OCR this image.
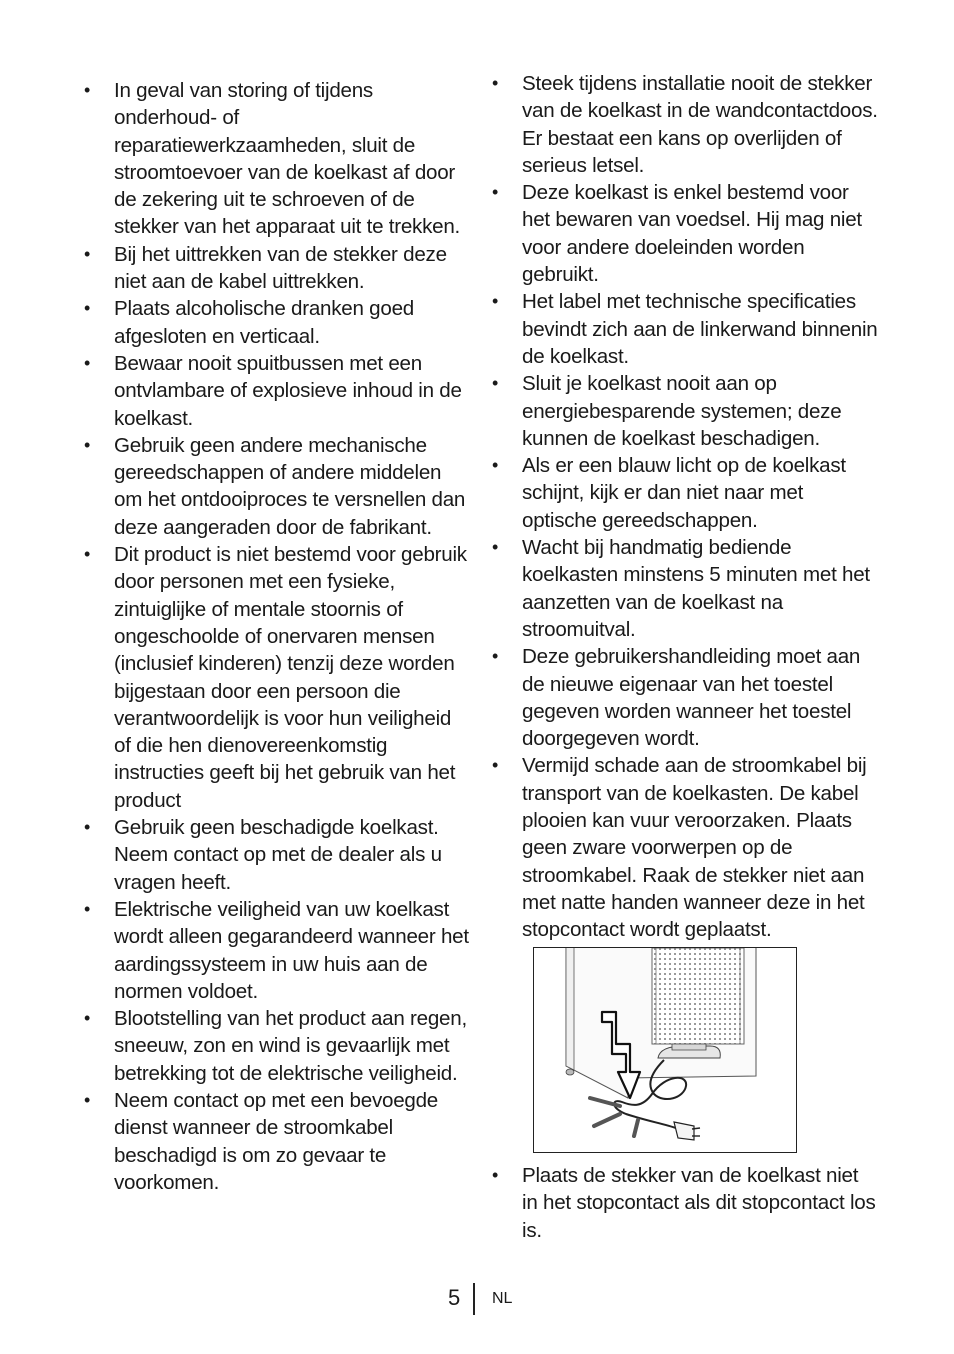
• In geval van storing of tijdens onderhoud- of reparatiewerkzaamheden, sluit de stroomtoevoer van de koelkast af door de zekering uit te schroeven of de stekker van het apparaat uit te trekken.
• Bij het uittrekken van de stekker deze niet aan de kabel uittrekken.
• Plaats alcoholische dranken goed afgesloten en verticaal.
• Bewaar nooit spuitbussen met een ontvlambare of explosieve inhoud in de koelkast.
• Gebruik geen andere mechanische gereedschappen of andere middelen om het ontdooiproces te versnellen dan deze aangeraden door de fabrikant.
• Dit product is niet bestemd voor gebruik door personen met een fysieke, zintuiglijke of mentale stoornis of ongeschoolde of onervaren mensen (inclusief kinderen) tenzij deze worden bijgestaan door een persoon die verantwoordelijk is voor hun veiligheid of die hen dienovereenkomstig instructies geeft bij het gebruik van het product
• Gebruik geen beschadigde koelkast. Neem contact op met de dealer als u vragen heeft.
• Elektrische veiligheid van uw koelkast wordt alleen gegarandeerd wanneer het aardingssysteem in uw huis aan de normen voldoet.
• Blootstelling van het product aan regen, sneeuw, zon en wind is gevaarlijk met betrekking tot de elektrische veiligheid.
• Neem contact op met een bevoegde dienst wanneer de stroomkabel beschadigd is om zo gevaar te voorkomen.
• Steek tijdens installatie nooit de stekker van de koelkast in de wandcontactdoos. Er bestaat een kans op overlijden of serieus letsel.
• Deze koelkast is enkel bestemd voor het bewaren van voedsel. Hij mag niet voor andere doeleinden worden gebruikt.
• Het label met technische specificaties bevindt zich aan de linkerwand binnenin de koelkast.
• Sluit je koelkast nooit aan op energiebesparende systemen; deze kunnen de koelkast beschadigen.
• Als er een blauw licht op de koelkast schijnt, kijk er dan niet naar met optische gereedschappen.
• Wacht bij handmatig bediende koelkasten minstens 5 minuten met het aanzetten van de koelkast na stroomuitval.
• Deze gebruikershandleiding moet aan de nieuwe eigenaar van het toestel gegeven worden wanneer het toestel doorgegeven wordt.
• Vermijd schade aan de stroomkabel bij transport van de koelkasten. De kabel plooien kan vuur veroorzaken. Plaats geen zware voorwerpen op de stroomkabel. Raak de stekker niet aan met natte handen wanneer deze in het stopcontact wordt geplaatst.
• Plaats de stekker van de koelkast niet in het stopcontact als dit stopcontact los is.
5 NL
